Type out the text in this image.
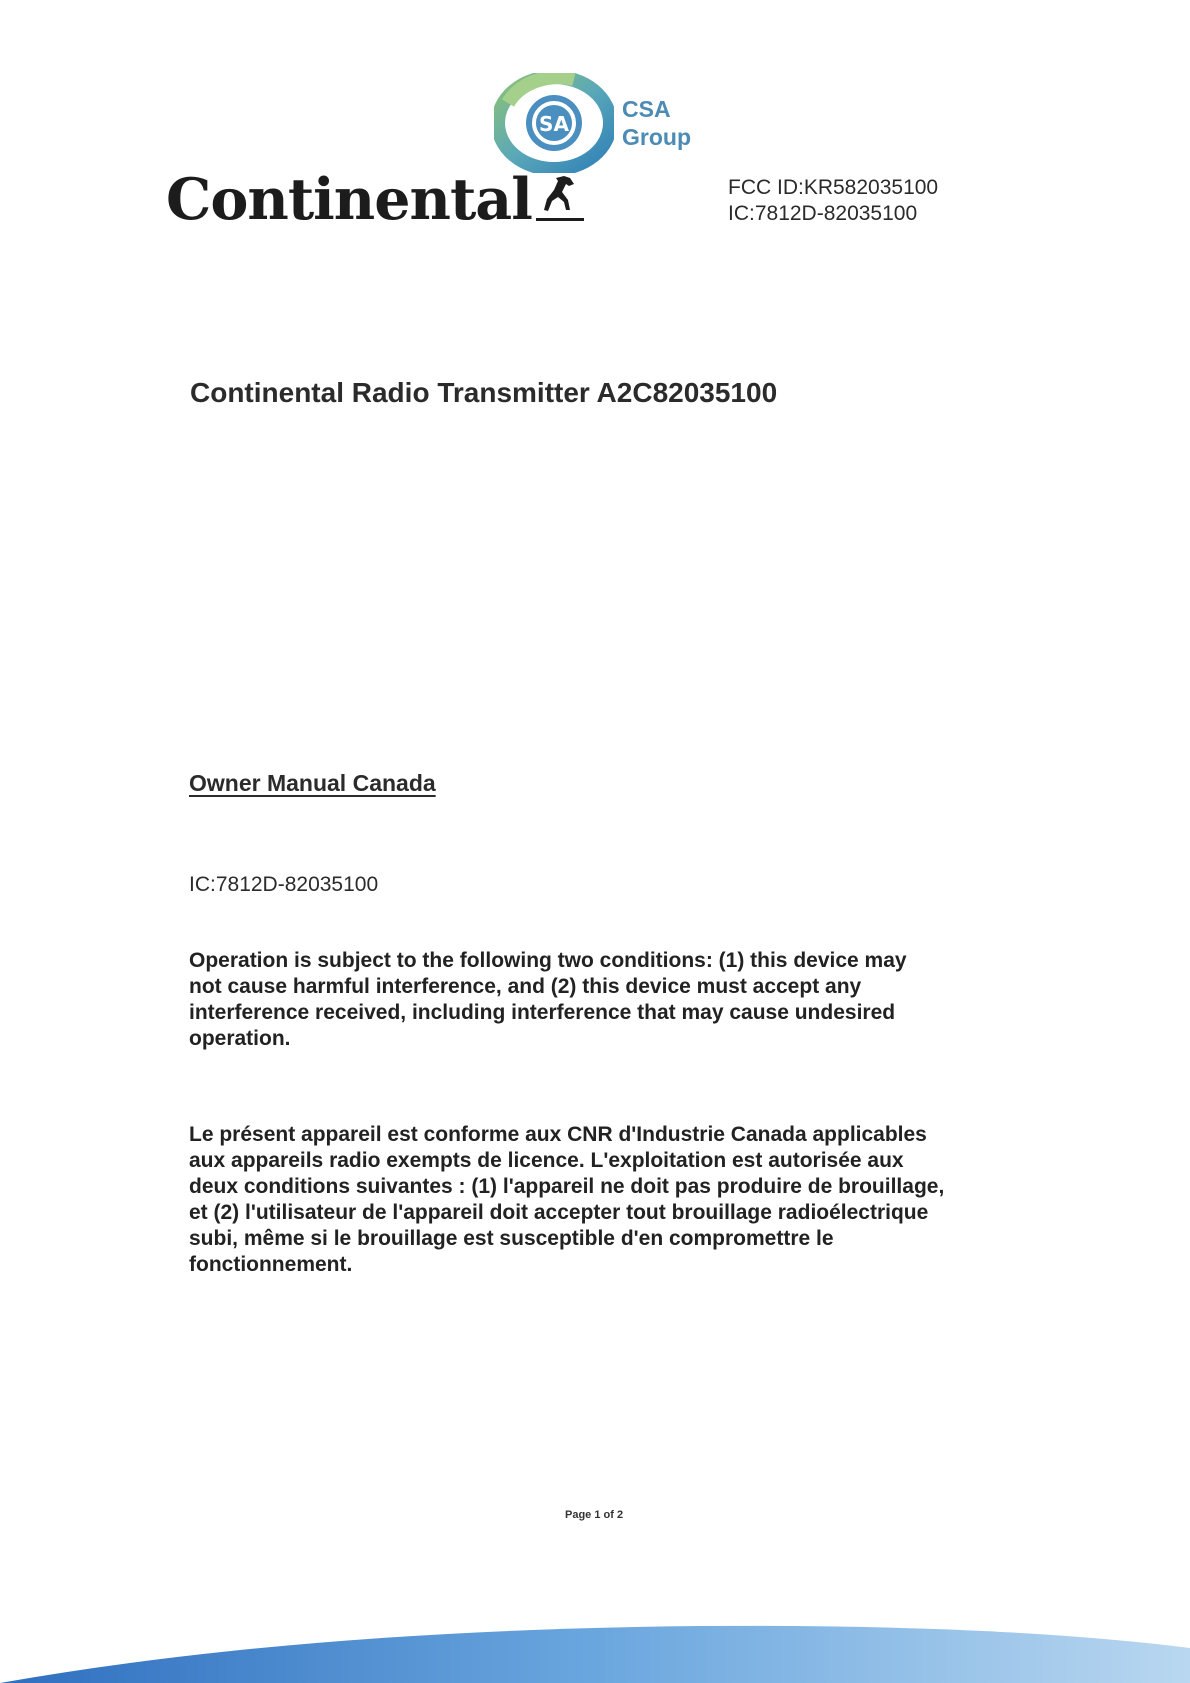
SA
CSA
Group
Continental	FCC ID:KR582035100
IC:7812D-82035100
Continental Radio Transmitter A2C82035100
Owner Manual Canada
IC:7812D-82035100
Operation is subject to the following two conditions: (1) this device may
not cause harmful interference, and (2) this device must accept any
interference received, including interference that may cause undesired
operation.
Le présent appareil est conforme aux CNR d'Industrie Canada applicables
aux appareils radio exempts de licence. L'exploitation est autorisée aux
deux conditions suivantes : (1) l'appareil ne doit pas produire de brouillage,
et (2) l'utilisateur de l'appareil doit accepter tout brouillage radioélectrique
subi, même si le brouillage est susceptible d'en compromettre le
fonctionnement.
Page 1 of 2
